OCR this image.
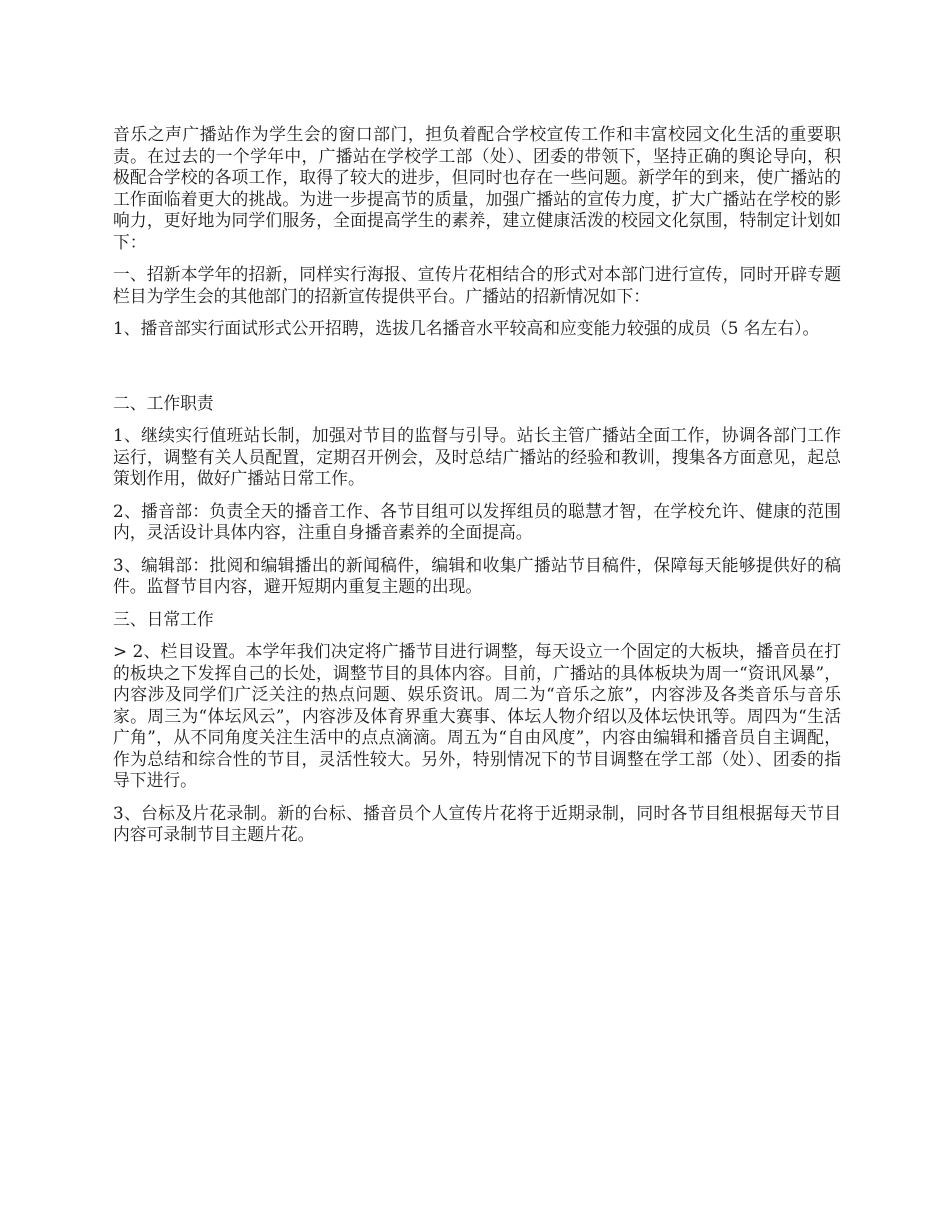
音乐之声广播站作为学生会的窗口部门，担负着配合学校宣传工作和丰富校园文化生活的重要职责。在过去的一个学年中，广播站在学校学工部（处）、团委的带领下，坚持正确的舆论导向，积极配合学校的各项工作，取得了较大的进步，但同时也存在一些问题。新学年的到来，使广播站的工作面临着更大的挑战。为进一步提高节的质量，加强广播站的宣传力度，扩大广播站在学校的影响力，更好地为同学们服务，全面提高学生的素养，建立健康活泼的校园文化氛围，特制定计划如下：

一、招新本学年的招新，同样实行海报、宣传片花相结合的形式对本部门进行宣传，同时开辟专题栏目为学生会的其他部门的招新宣传提供平台。广播站的招新情况如下：

1、播音部实行面试形式公开招聘，选拔几名播音水平较高和应变能力较强的成员（5 名左右）。

二、工作职责

1、继续实行值班站长制，加强对节目的监督与引导。站长主管广播站全面工作，协调各部门工作运行，调整有关人员配置，定期召开例会，及时总结广播站的经验和教训，搜集各方面意见，起总策划作用，做好广播站日常工作。

2、播音部：负责全天的播音工作、各节目组可以发挥组员的聪慧才智，在学校允许、健康的范围内，灵活设计具体内容，注重自身播音素养的全面提高。

3、编辑部：批阅和编辑播出的新闻稿件，编辑和收集广播站节目稿件，保障每天能够提供好的稿件。监督节目内容，避开短期内重复主题的出现。

三、日常工作

> 2、栏目设置。本学年我们决定将广播节目进行调整，每天设立一个固定的大板块，播音员在打的板块之下发挥自己的长处，调整节目的具体内容。目前，广播站的具体板块为周一“资讯风暴”，内容涉及同学们广泛关注的热点问题、娱乐资讯。周二为“音乐之旅”，内容涉及各类音乐与音乐家。周三为“体坛风云”，内容涉及体育界重大赛事、体坛人物介绍以及体坛快讯等。周四为“生活广角”，从不同角度关注生活中的点点滴滴。周五为“自由风度”，内容由编辑和播音员自主调配，作为总结和综合性的节目，灵活性较大。另外，特别情况下的节目调整在学工部（处）、团委的指导下进行。

3、台标及片花录制。新的台标、播音员个人宣传片花将于近期录制，同时各节目组根据每天节目内容可录制节目主题片花。
